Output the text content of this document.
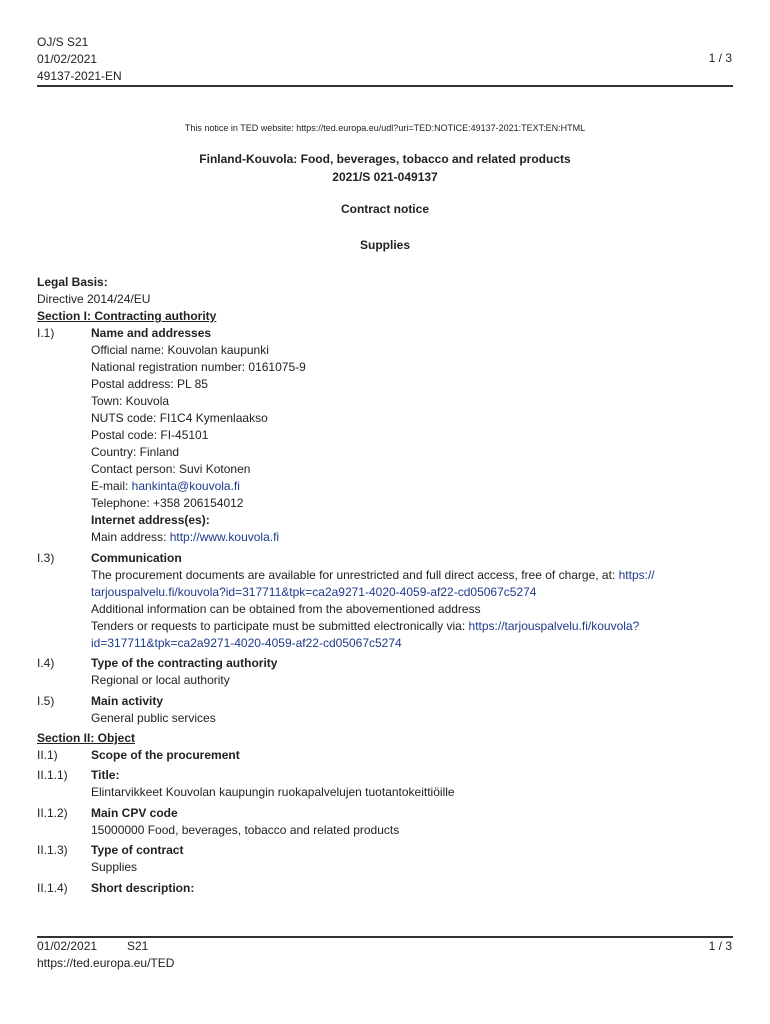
OJ/S S21
01/02/2021
49137-2021-EN
1 / 3
This notice in TED website: https://ted.europa.eu/udl?uri=TED:NOTICE:49137-2021:TEXT:EN:HTML
Finland-Kouvola: Food, beverages, tobacco and related products
2021/S 021-049137
Contract notice
Supplies
Legal Basis:
Directive 2014/24/EU
Section I: Contracting authority
I.1)	Name and addresses
Official name: Kouvolan kaupunki
National registration number: 0161075-9
Postal address: PL 85
Town: Kouvola
NUTS code: FI1C4 Kymenlaakso
Postal code: FI-45101
Country: Finland
Contact person: Suvi Kotonen
E-mail: hankinta@kouvola.fi
Telephone: +358 206154012
Internet address(es):
Main address: http://www.kouvola.fi
I.3)	Communication
The procurement documents are available for unrestricted and full direct access, free of charge, at: https://
tarjouspalvelu.fi/kouvola?id=317711&tpk=ca2a9271-4020-4059-af22-cd05067c5274
Additional information can be obtained from the abovementioned address
Tenders or requests to participate must be submitted electronically via: https://tarjouspalvelu.fi/kouvola?
id=317711&tpk=ca2a9271-4020-4059-af22-cd05067c5274
I.4)	Type of the contracting authority
Regional or local authority
I.5)	Main activity
General public services
Section II: Object
II.1)	Scope of the procurement
II.1.1) Title:
Elintarvikkeet Kouvolan kaupungin ruokapalvelujen tuotantokeittiöille
II.1.2) Main CPV code
15000000 Food, beverages, tobacco and related products
II.1.3) Type of contract
Supplies
II.1.4) Short description:
01/02/2021 S21	1 / 3
https://ted.europa.eu/TED
